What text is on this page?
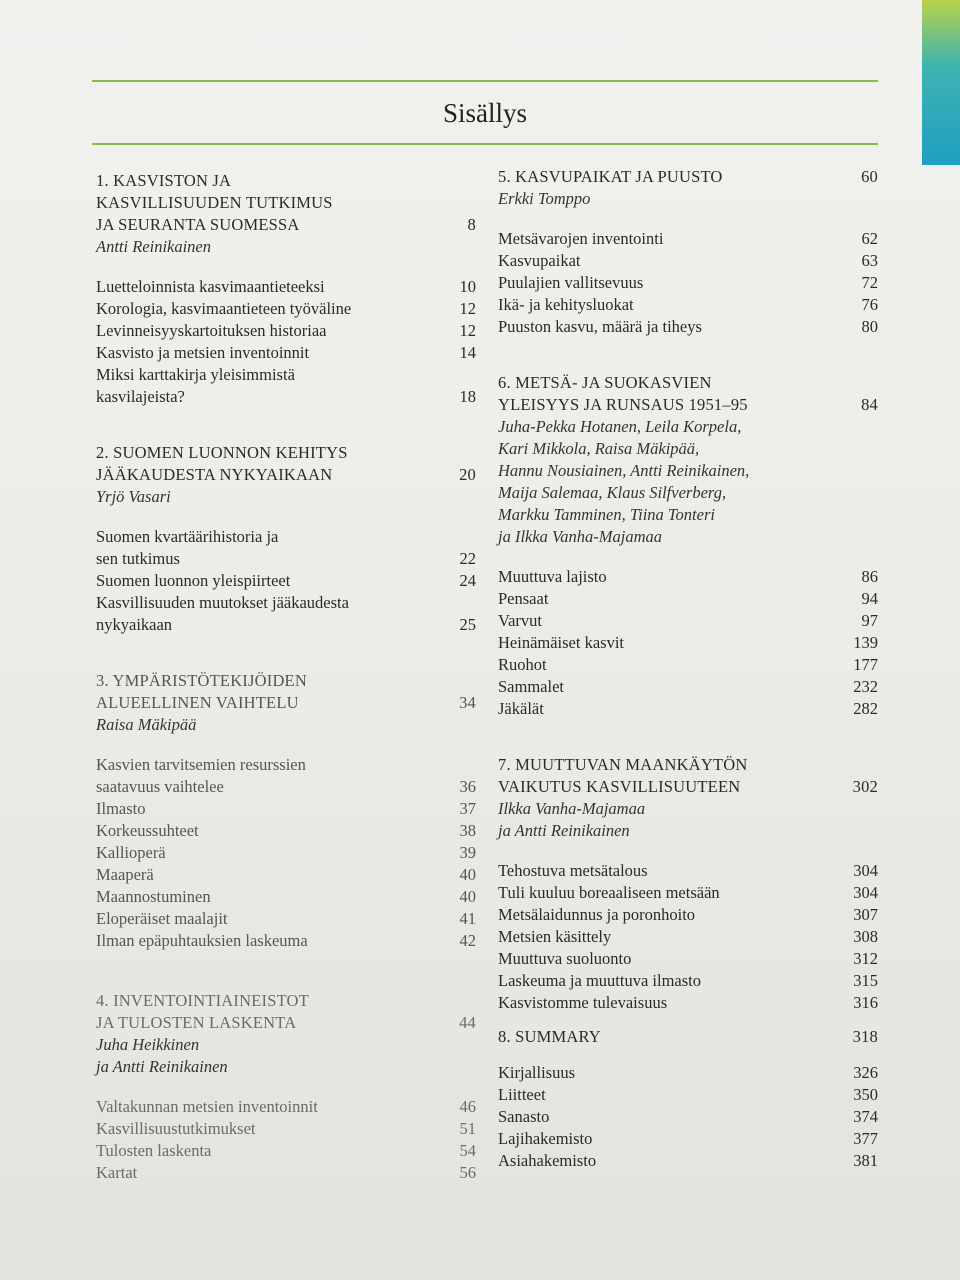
Sisällys
1. KASVISTON JA
KASVILLISUUDEN TUTKIMUS
JA SEURANTA SUOMESSA	8
Antti Reinikainen
Luetteloinnista kasvimaantieteeksi	10
Korologia, kasvimaantieteen työväline	12
Levinneisyyskartoituksen historiaa	12
Kasvisto ja metsien inventoinnit	14
Miksi karttakirja yleisimmistä
kasvilajeista?	18
2. SUOMEN LUONNON KEHITYS
JÄÄKAUDESTA NYKYAIKAAN	20
Yrjö Vasari
Suomen kvartäärihistoria ja
sen tutkimus	22
Suomen luonnon yleispiirteet	24
Kasvillisuuden muutokset jääkaudesta
nykyaikaan	25
3. YMPÄRISTÖTEKIJÖIDEN
ALUEELLINEN VAIHTELU	34
Raisa Mäkipää
Kasvien tarvitsemien resurssien
saatavuus vaihtelee	36
Ilmasto	37
Korkeussuhteet	38
Kallioperä	39
Maaperä	40
Maannostuminen	40
Eloperäiset maalajit	41
Ilman epäpuhtauksien laskeuma	42
4. INVENTOINTIAINEISTOT
JA TULOSTEN LASKENTA	44
Juha Heikkinen
ja Antti Reinikainen
Valtakunnan metsien inventoinnit	46
Kasvillisuustutkimukset	51
Tulosten laskenta	54
Kartat	56
5. KASVUPAIKAT JA PUUSTO	60
Erkki Tomppo
Metsävarojen inventointi	62
Kasvupaikat	63
Puulajien vallitsevuus	72
Ikä- ja kehitysluokat	76
Puuston kasvu, määrä ja tiheys	80
6. METSÄ- JA SUOKASVIEN
YLEISYYS JA RUNSAUS 1951–95	84
Juha-Pekka Hotanen, Leila Korpela,
Kari Mikkola, Raisa Mäkipää,
Hannu Nousiainen, Antti Reinikainen,
Maija Salemaa, Klaus Silfverberg,
Markku Tamminen, Tiina Tonteri
ja Ilkka Vanha-Majamaa
Muuttuva lajisto	86
Pensaat	94
Varvut	97
Heinämäiset kasvit	139
Ruohot	177
Sammalet	232
Jäkälät	282
7. MUUTTUVAN MAANKÄYTÖN
VAIKUTUS KASVILLISUUTEEN	302
Ilkka Vanha-Majamaa
ja Antti Reinikainen
Tehostuva metsätalous	304
Tuli kuuluu boreaaliseen metsään	304
Metsälaidunnus ja poronhoito	307
Metsien käsittely	308
Muuttuva suoluonto	312
Laskeuma ja muuttuva ilmasto	315
Kasvistomme tulevaisuus	316
8. SUMMARY	318
Kirjallisuus	326
Liitteet	350
Sanasto	374
Lajihakemisto	377
Asiahakemisto	381
